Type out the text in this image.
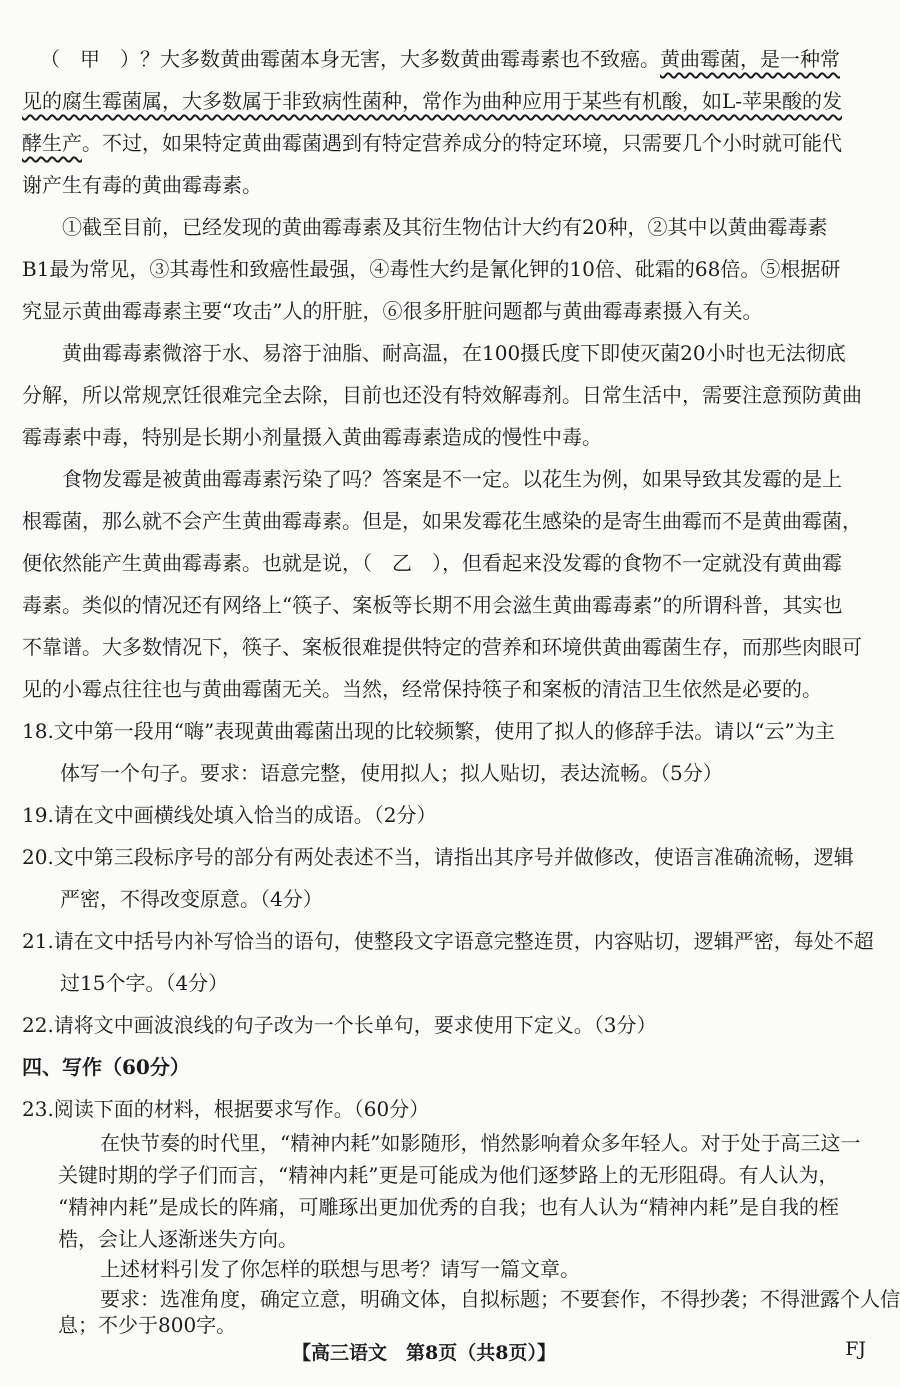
（　甲　）？大多数黄曲霉菌本身无害，大多数黄曲霉毒素也不致癌。黄曲霉菌，是一种常
见的腐生霉菌属，大多数属于非致病性菌种，常作为曲种应用于某些有机酸，如L-苹果酸的发
酵生产。不过，如果特定黄曲霉菌遇到有特定营养成分的特定环境，只需要几个小时就可能代
谢产生有毒的黄曲霉毒素。
①截至目前，已经发现的黄曲霉毒素及其衍生物估计大约有20种，②其中以黄曲霉毒素
B1最为常见，③其毒性和致癌性最强，④毒性大约是氰化钾的10倍、砒霜的68倍。⑤根据研
究显示黄曲霉毒素主要“攻击”人的肝脏，⑥很多肝脏问题都与黄曲霉毒素摄入有关。
黄曲霉毒素微溶于水、易溶于油脂、耐高温，在100摄氏度下即使灭菌20小时也无法彻底
分解，所以常规烹饪很难完全去除，目前也还没有特效解毒剂。日常生活中，需要注意预防黄曲
霉毒素中毒，特别是长期小剂量摄入黄曲霉毒素造成的慢性中毒。
食物发霉是被黄曲霉毒素污染了吗？答案是不一定。以花生为例，如果导致其发霉的是上
根霉菌，那么就不会产生黄曲霉毒素。但是，如果发霉花生感染的是寄生曲霉而不是黄曲霉菌，
便依然能产生黄曲霉毒素。也就是说，（　乙　），但看起来没发霉的食物不一定就没有黄曲霉
毒素。类似的情况还有网络上“筷子、案板等长期不用会滋生黄曲霉毒素”的所谓科普，其实也
不靠谱。大多数情况下，筷子、案板很难提供特定的营养和环境供黄曲霉菌生存，而那些肉眼可
见的小霉点往往也与黄曲霉菌无关。当然，经常保持筷子和案板的清洁卫生依然是必要的。
18.文中第一段用“嗨”表现黄曲霉菌出现的比较频繁，使用了拟人的修辞手法。请以“云”为主
体写一个句子。要求：语意完整，使用拟人；拟人贴切，表达流畅。（5分）
19.请在文中画横线处填入恰当的成语。（2分）
20.文中第三段标序号的部分有两处表述不当，请指出其序号并做修改，使语言准确流畅，逻辑
严密，不得改变原意。（4分）
21.请在文中括号内补写恰当的语句，使整段文字语意完整连贯，内容贴切，逻辑严密，每处不超
过15个字。（4分）
22.请将文中画波浪线的句子改为一个长单句，要求使用下定义。（3分）
四、写作（60分）
23.阅读下面的材料，根据要求写作。（60分）
在快节奏的时代里，“精神内耗”如影随形，悄然影响着众多年轻人。对于处于高三这一
关键时期的学子们而言，“精神内耗”更是可能成为他们逐梦路上的无形阻碍。有人认为，
“精神内耗”是成长的阵痛，可雕琢出更加优秀的自我；也有人认为“精神内耗”是自我的桎
梏，会让人逐渐迷失方向。
上述材料引发了你怎样的联想与思考？请写一篇文章。
【高三语文　第8页（共8页）】	FJ
要求：选准角度，确定立意，明确文体，自拟标题；不要套作，不得抄袭；不得泄露个人信
息；不少于800字。
